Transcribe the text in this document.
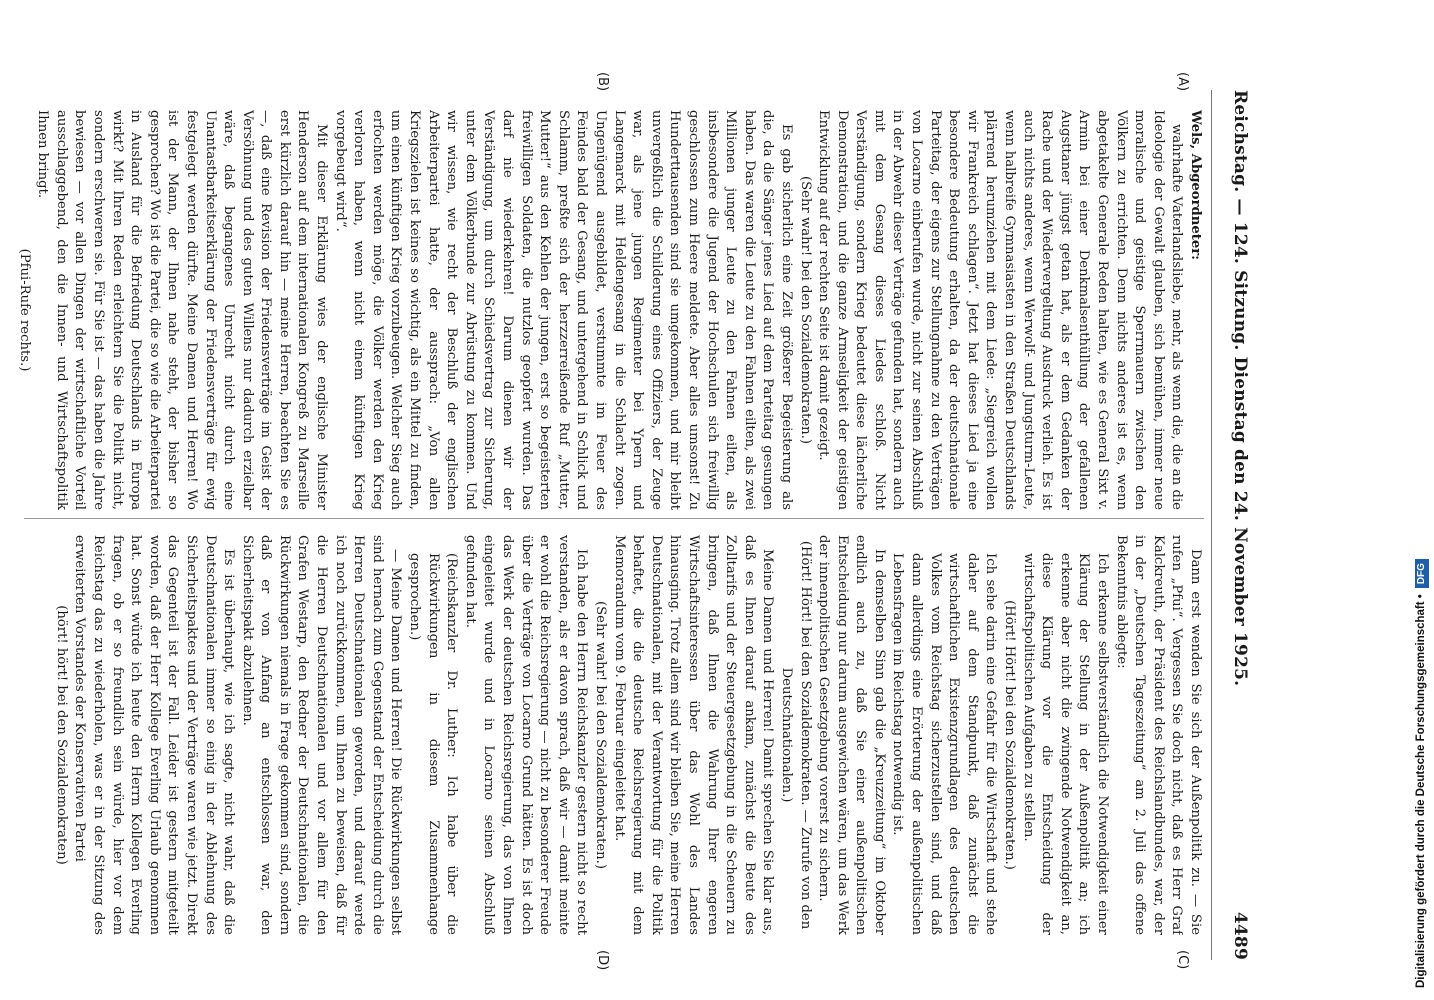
Reichstag. — 124. Sitzung. Dienstag den 24. November 1925.
4489
(A)
(B)
(C)
(D)

Wels, Abgeordneter:

wahrhafte Vaterlandsliebe, mehr, als wenn die, die an die Ideologie der Gewalt glauben, sich bemühen, immer neue moralische und geistige Sperrmauern zwischen den Völkern zu errichten. Denn nichts anderes ist es, wenn abgetakelte Generale Reden halten, wie es General Sixt v. Armin bei einer Denkmalsenthüllung der gefallenen Augsttaner jüngst getan hat, als er dem Gedanken der Rache und der Wiedervergeltung Ausdruck verlieh. Es ist auch nichts anderes, wenn Werwolf- und Jungsturm-Leute, wenn halbreife Gymnasiasten in den Straßen Deutschlands plärrend herumziehen mit dem Liede: „Siegreich wollen wir Frankreich schlagen“. Jetzt hat dieses Lied ja eine besondere Bedeutung erhalten, da der deutschnationale Parteitag, der eigens zur Stellungnahme zu den Verträgen von Locarno einberufen wurde, nicht zur seinen Abschluß in der Abwehr dieser Verträge gefunden hat, sondern auch mit dem Gesang dieses Liedes schloß. Nicht Verständigung, sondern Krieg bedeutet diese lächerliche Demonstration, und die ganze Armseligkeit der geistigen Entwicklung auf der rechten Seite ist damit gezeigt.

(Sehr wahr! bei den Sozialdemokraten.)

Es gab sicherlich eine Zeit größerer Begeisterung als die, da die Sänger jenes Lied auf dem Parteitag gesungen haben. Das waren die Leute zu den Fahnen eilten, als zwei Millionen junger Leute zu den Fahnen eilten, als insbesondere die Jugend der Hochschulen sich freiwillig geschlossen zum Heere meldete. Aber alles umsonst! Zu Hunderttausenden sind sie umgekommen, und mir bleibt unvergeßlich die Schilderung eines Offiziers, der Zeuge war, als jene jungen Regimenter bei Ypern und Langemarck mit Heldengesang in die Schlacht zogen. Ungenügend ausgebildet, verstummte im Feuer des Feindes bald der Gesang, und untergehend in Schlick und Schlamm, preßte sich der herzzerreißende Ruf „Mutter, Mutter!“ aus den Kehlen der jungen, erst so begeisterten freiwilligen Soldaten, die nutzlos geopfert wurden. Das darf nie wiederkehren! Darum dienen wir der Verständigung, um durch Schiedsvertrag zur Sicherung, unter dem Völkerbunde zur Abrüstung zu kommen. Und wir wissen, wie recht der Beschluß der englischen Arbeiterpartei hatte, der aussprach: „Von allen Kriegszielen ist keines so wichtig, als ein Mittel zu finden, um einen künftigen Krieg vorzubeugen. Welcher Sieg auch erfochten werden möge, die Völker werden den Krieg verloren haben, wenn nicht einem künftigen Krieg vorgebeugt wird“.

Mit dieser Erklärung wies der englische Minister Henderson auf dem internationalen Kongreß zu Marseille erst kürzlich darauf hin — meine Herren, beachten Sie es —, daß eine Revision der Friedensverträge im Geist der Versöhnung und des guten Willens nur dadurch erzielbar wäre, daß begangenes Unrecht nicht durch eine Unantastbarkeitserklärung der Friedensverträge für ewig festgelegt werden dürfte. Meine Damen und Herren! Wo ist der Mann, der Ihnen nahe steht, der bisher so gesprochen? Wo ist die Partei, die so wie die Arbeiterpartei in Ausland für die Befriedung Deutschlands in Europa wirkt? Mit Ihren Reden erleichtern Sie die Politik nicht, sondern erschweren sie. Für Sie ist — das haben die Jahre bewiesen — vor allen Dingen der wirtschaftliche Vorteil ausschlaggebend, den die Innen- und Wirtschaftspolitik Ihnen bringt.

(Pfui-Rufe rechts.)

Dann erst wenden Sie sich der Außenpolitik zu. — Sie rufen „Pfui“. Vergessen Sie doch nicht, daß es Herr Graf Kalckreuth, der Präsident des Reichslandbundes, war, der in der „Deutschen Tageszeitung“ am 2. Juli das offene Bekenntnis ablegte:

Ich erkenne selbstverständlich die Notwendigkeit einer Klärung der Stellung in der Außenpolitik an; ich erkenne aber nicht die zwingende Notwendigkeit an, diese Klärung vor die Entscheidung der wirtschaftspolitischen Aufgaben zu stellen.

(Hört! Hört! bei den Sozialdemokraten.)

Ich sehe darin eine Gefahr für die Wirtschaft und stehe daher auf dem Standpunkt, daß zunächst die wirtschaftlichen Existenzgrundlagen des deutschen Volkes vom Reichstag sicherzustellen sind, und daß dann allerdings eine Erörterung der außenpolitischen Lebensfragen im Reichstag notwendig ist.

In demselben Sinn gab die „Kreuzzeitung“ im Oktober endlich auch zu, daß Sie einer außenpolitischen Entscheidung nur darum ausgewichen wären, um das Werk der innenpolitischen Gesetzgebung vorerst zu sichern.

(Hört! Hört! bei den Sozialdemokraten. — Zurufe von den Deutschnationalen.)

Meine Damen und Herren! Damit sprechen Sie klar aus, daß es Ihnen darauf ankam, zunächst die Beute des Zolltarifs und der Steuergesetzgebung in die Scheuern zu bringen, daß Ihnen die Wahrung Ihrer engeren Wirtschaftsinteressen über das Wohl des Landes hinausging. Trotz allem sind wir bleiben Sie, meine Herren Deutschnationalen, mit der Verantwortung für die Politik behaftet, die die deutsche Reichsregierung mit dem Memorandum vom 9. Februar eingeleitet hat.

(Sehr wahr! bei den Sozialdemokraten.)

Ich habe den Herrn Reichskanzler gestern nicht so recht verstanden, als er davon sprach, daß wir — damit meinte er wohl die Reichsregierung — nicht zu besonderer Freude über die Verträge von Locarno Grund hätten. Es ist doch das Werk der deutschen Reichsregierung, das von Ihnen eingeleitet wurde und in Locarno seinen Abschluß gefunden hat.

(Reichskanzler Dr. Luther: Ich habe über die Rückwirkungen in diesem Zusammenhange gesprochen.)

— Meine Damen und Herren! Die Rückwirkungen selbst sind hernach zum Gegenstand der Entscheidung durch die Herren Deutschnationalen geworden, und darauf werde ich noch zurückkommen, um Ihnen zu beweisen, daß für die Herren Deutschnationalen und vor allem für den Grafen Westarp, den Redner der Deutschnationalen, die Rückwirkungen niemals in Frage gekommen sind, sondern daß er von Anfang an entschlossen war, den Sicherheitspakt abzulehnen.

Es ist überhaupt, wie ich sagte, nicht wahr, daß die Deutschnationalen immer so einig in der Ablehnung des Sicherheitspaktes und der Verträge waren wie jetzt. Direkt das Gegenteil ist der Fall. Leider ist gestern mitgeteilt worden, daß der Herr Kollege Everling Urlaub genommen hat. Sonst würde ich heute den Herrn Kollegen Everling fragen, ob er so freundlich sein würde, hier vor dem Reichstag das zu wiederholen, was er in der Sitzung des erweiterten Vorstandes der Konservativen Partei

(hört! hört! bei den Sozialdemokraten)	Digitalisierung gefördert durch die Deutsche Forschungsgemeinschaft •DFG
